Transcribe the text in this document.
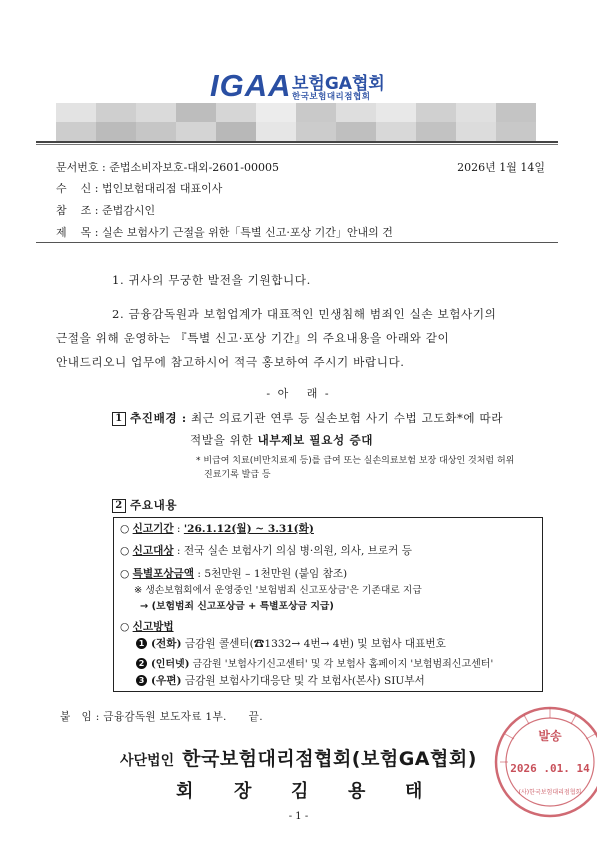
IGAA 보험GA협회
한국보험대리점협회
문서번호 : 준법소비자보호-대외-2601-00005	2026년 1월 14일
수    신 : 법인보험대리점 대표이사
참    조 : 준법감시인
제    목 : 실손 보험사기 근절을 위한「특별 신고·포상 기간」안내의 건
1. 귀사의 무궁한 발전을 기원합니다.
2. 금융감독원과 보험업계가 대표적인 민생침해 범죄인 실손 보험사기의
근절을 위해 운영하는 『특별 신고·포상 기간』의 주요내용을 아래와 같이
안내드리오니 업무에 참고하시어 적극 홍보하여 주시기 바랍니다.
- 아   래 -
1 추진배경 : 최근 의료기관 연루 등 실손보험 사기 수법 고도화*에 따라
적발을 위한 내부제보 필요성 증대
* 비급여 치료(비만치료제 등)를 급여 또는 실손의료보험 보장 대상인 것처럼 허위
진료기록 발급 등
2 주요내용
○ 신고기간 : '26.1.12(월) ~ 3.31(화)
○ 신고대상 : 전국 실손 보험사기 의심 병·의원, 의사, 브로커 등
○ 특별포상금액 : 5천만원 – 1천만원 (붙임 참조)
※ 생손보협회에서 운영중인 '보험범죄 신고포상금'은 기존대로 지급
→ (보험범죄 신고포상금 + 특별포상금 지급)
○ 신고방법
1 (전화) 금감원 콜센터(☎1332→ 4번→ 4번) 및 보험사 대표번호
2 (인터넷) 금감원 '보험사기신고센터' 및 각 보험사 홈페이지 '보험범죄신고센터'
3 (우편) 금감원 보험사기대응단 및 각 보험사(본사) SIU부서
붙   임 : 금융감독원 보도자료 1부.      끝.
사단법인 한국보험대리점협회(보험GA협회)
회 장 김 용 태
발송
2026 .01. 14
(사)한국보험대리점협회
- 1 -
